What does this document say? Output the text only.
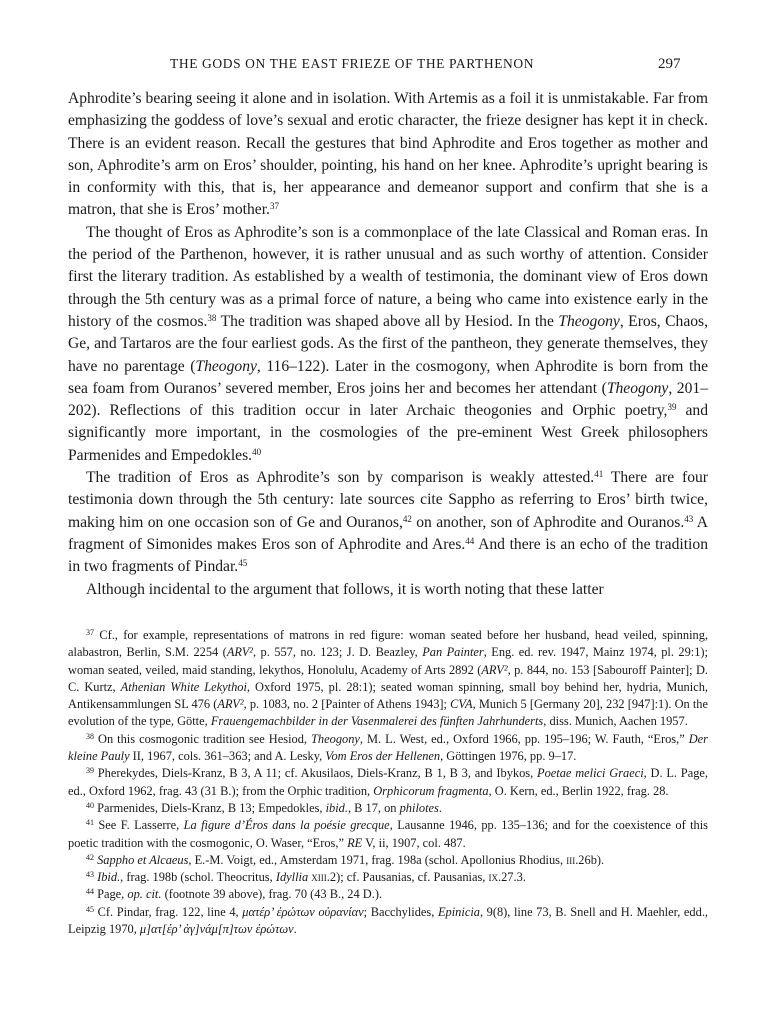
THE GODS ON THE EAST FRIEZE OF THE PARTHENON	297

Aphrodite’s bearing seeing it alone and in isolation. With Artemis as a foil it is unmistakable. Far from emphasizing the goddess of love’s sexual and erotic character, the frieze designer has kept it in check. There is an evident reason. Recall the gestures that bind Aphrodite and Eros together as mother and son, Aphrodite’s arm on Eros’ shoulder, pointing, his hand on her knee. Aphrodite’s upright bearing is in conformity with this, that is, her appearance and demeanor support and confirm that she is a matron, that she is Eros’ mother.$^{37}$

The thought of Eros as Aphrodite’s son is a commonplace of the late Classical and Roman eras. In the period of the Parthenon, however, it is rather unusual and as such worthy of attention. Consider first the literary tradition. As established by a wealth of testimonia, the dominant view of Eros down through the 5th century was as a primal force of nature, a being who came into existence early in the history of the cosmos.$^{38}$ The tradition was shaped above all by Hesiod. In the Theogony, Eros, Chaos, Ge, and Tartaros are the four earliest gods. As the first of the pantheon, they generate themselves, they have no parentage (Theogony, 116–122). Later in the cosmogony, when Aphrodite is born from the sea foam from Ouranos’ severed member, Eros joins her and becomes her attendant (Theogony, 201–202). Reflections of this tradition occur in later Archaic theogonies and Orphic poetry,$^{39}$ and significantly more important, in the cosmologies of the pre-eminent West Greek philosophers Parmenides and Empedokles.$^{40}$

The tradition of Eros as Aphrodite’s son by comparison is weakly attested.$^{41}$ There are four testimonia down through the 5th century: late sources cite Sappho as referring to Eros’ birth twice, making him on one occasion son of Ge and Ouranos,$^{42}$ on another, son of Aphrodite and Ouranos.$^{43}$ A fragment of Simonides makes Eros son of Aphrodite and Ares.$^{44}$ And there is an echo of the tradition in two fragments of Pindar.$^{45}$

Although incidental to the argument that follows, it is worth noting that these latter

$^{37}$ Cf., for example, representations of matrons in red figure: woman seated before her husband, head veiled, spinning, alabastron, Berlin, S.M. 2254 (ARV², p. 557, no. 123; J. D. Beazley, Pan Painter, Eng. ed. rev. 1947, Mainz 1974, pl. 29:1); woman seated, veiled, maid standing, lekythos, Honolulu, Academy of Arts 2892 (ARV², p. 844, no. 153 [Sabouroff Painter]; D. C. Kurtz, Athenian White Lekythoi, Oxford 1975, pl. 28:1); seated woman spinning, small boy behind her, hydria, Munich, Antikensammlungen SL 476 (ARV², p. 1083, no. 2 [Painter of Athens 1943]; CVA, Munich 5 [Germany 20], 232 [947]:1). On the evolution of the type, Götte, Frauengemachbilder in der Vasenmalerei des fünften Jahrhunderts, diss. Munich, Aachen 1957.

$^{38}$ On this cosmogonic tradition see Hesiod, Theogony, M. L. West, ed., Oxford 1966, pp. 195–196; W. Fauth, “Eros,” Der kleine Pauly II, 1967, cols. 361–363; and A. Lesky, Vom Eros der Hellenen, Göttingen 1976, pp. 9–17.

$^{39}$ Pherekydes, Diels-Kranz, B 3, A 11; cf. Akusilaos, Diels-Kranz, B 1, B 3, and Ibykos, Poetae melici Graeci, D. L. Page, ed., Oxford 1962, frag. 43 (31 B.); from the Orphic tradition, Orphicorum fragmenta, O. Kern, ed., Berlin 1922, frag. 28.

$^{40}$ Parmenides, Diels-Kranz, B 13; Empedokles, ibid., B 17, on philotes.

$^{41}$ See F. Lasserre, La figure d’Éros dans la poésie grecque, Lausanne 1946, pp. 135–136; and for the coexistence of this poetic tradition with the cosmogonic, O. Waser, “Eros,” RE V, ii, 1907, col. 487.

$^{42}$ Sappho et Alcaeus, E.-M. Voigt, ed., Amsterdam 1971, frag. 198a (schol. Apollonius Rhodius, iii.26b).

$^{43}$ Ibid., frag. 198b (schol. Theocritus, Idyllia xiii.2); cf. Pausanias, cf. Pausanias, ix.27.3.

$^{44}$ Page, op. cit. (footnote 39 above), frag. 70 (43 B., 24 D.).

$^{45}$ Cf. Pindar, frag. 122, line 4, ματέρ’ ἐρώτων οὐρανίαν; Bacchylides, Epinicia, 9(8), line 73, B. Snell and H. Maehler, edd., Leipzig 1970, μ]ατ[έρ’ ἀγ]νά̣μ[π]των ἐρώτων.
